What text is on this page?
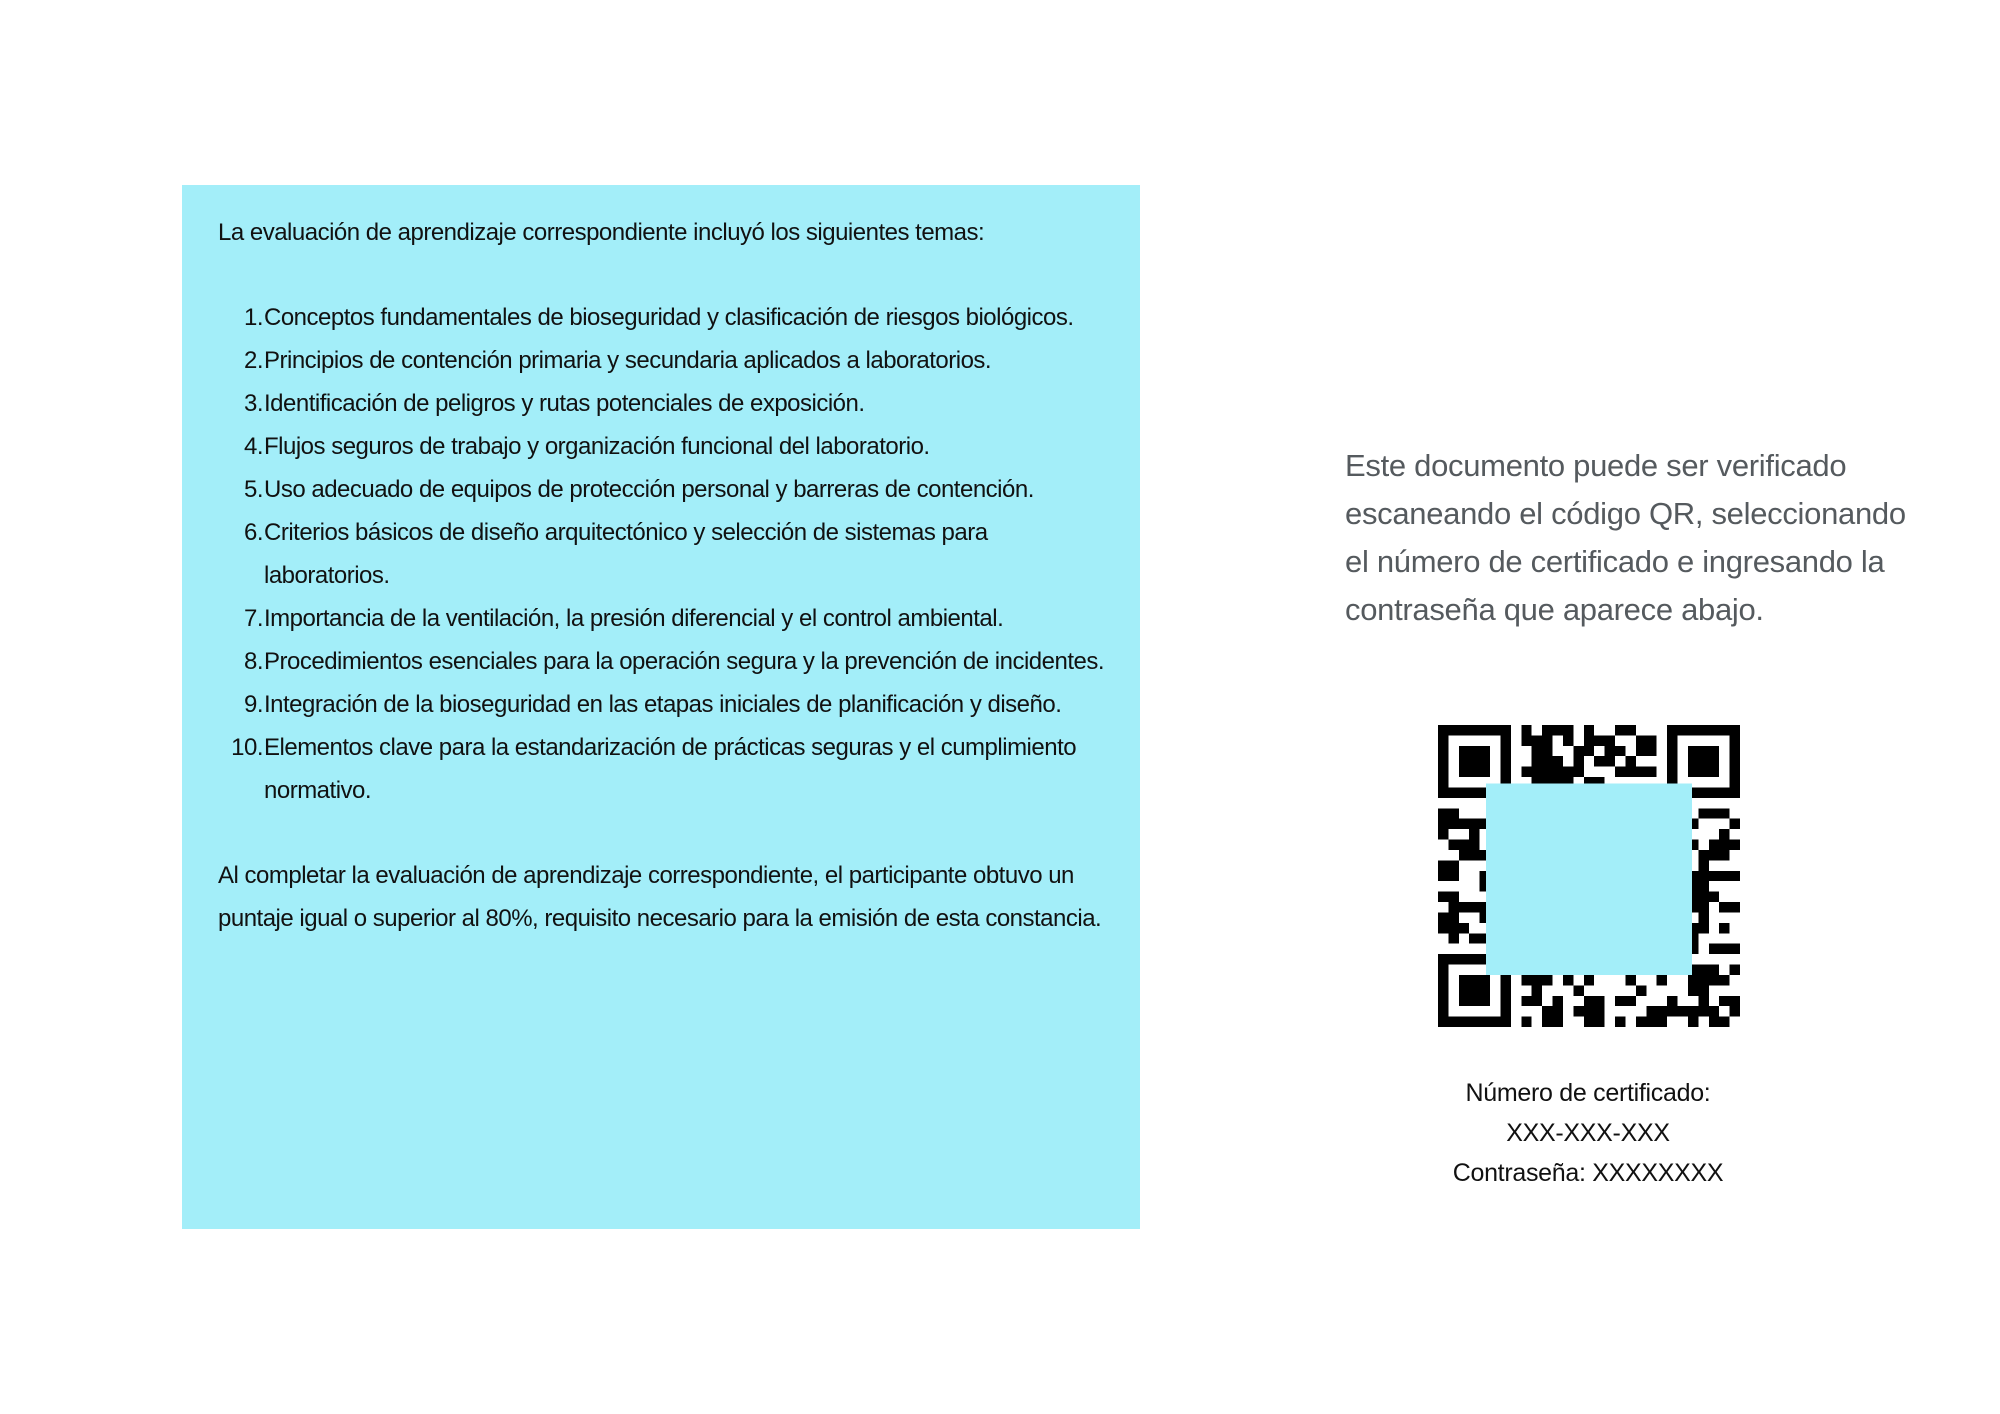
La evaluación de aprendizaje correspondiente incluyó los siguientes temas:

1. Conceptos fundamentales de bioseguridad y clasificación de riesgos biológicos.
2. Principios de contención primaria y secundaria aplicados a laboratorios.
3. Identificación de peligros y rutas potenciales de exposición.
4. Flujos seguros de trabajo y organización funcional del laboratorio.
5. Uso adecuado de equipos de protección personal y barreras de contención.
6. Criterios básicos de diseño arquitectónico y selección de sistemas para laboratorios.
7. Importancia de la ventilación, la presión diferencial y el control ambiental.
8. Procedimientos esenciales para la operación segura y la prevención de incidentes.
9. Integración de la bioseguridad en las etapas iniciales de planificación y diseño.
10. Elementos clave para la estandarización de prácticas seguras y el cumplimiento normativo.

Al completar la evaluación de aprendizaje correspondiente, el participante obtuvo un puntaje igual o superior al 80%, requisito necesario para la emisión de esta constancia.

Este documento puede ser verificado escaneando el código QR, seleccionando el número de certificado e ingresando la contraseña que aparece abajo.

Número de certificado:
XXX-XXX-XXX
Contraseña: XXXXXXXX
